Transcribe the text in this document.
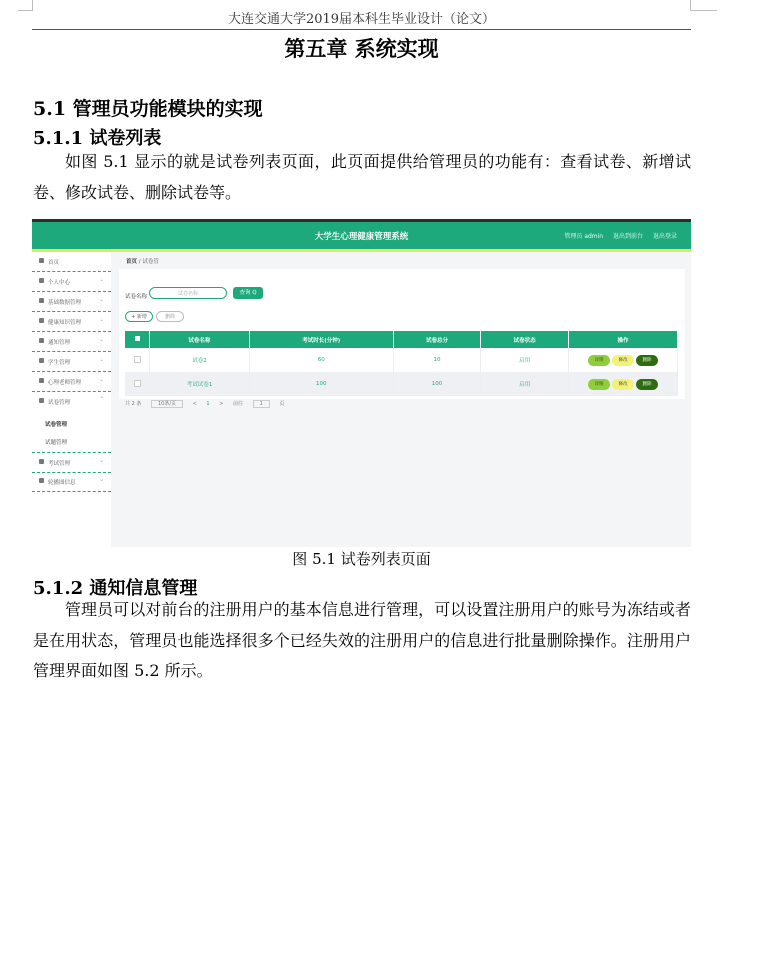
大连交通大学2019届本科生毕业设计（论文）
第五章 系统实现
5.1 管理员功能模块的实现
5.1.1 试卷列表
如图 5.1 显示的就是试卷列表页面，此页面提供给管理员的功能有：查看试卷、新增试卷、修改试卷、删除试卷等。
大学生心理健康管理系统	管理员 admin 退出到前台 退出登录
首页
个人中心	⌄
基础数据管理	⌄
健康知识管理	⌄
通知管理	⌄
学生管理	⌄
心理老师管理	⌄
试卷管理	⌃
试卷管理
试题管理
考试管理	⌄
轮播图信息	⌄
首页 / 试卷管
试卷名称	试卷名称	查询 Q
+ 新增	删除
	试卷名称	考试时长(分钟)	试卷总分	试卷状态	操作
	试卷2	60	10	启用	详情 修改 删除
	考试试卷1	100	100	启用	详情 修改 删除
共 2 条	10条/页	< 1 > 前往	1	页
图 5.1 试卷列表页面
5.1.2 通知信息管理
管理员可以对前台的注册用户的基本信息进行管理，可以设置注册用户的账号为冻结或者是在用状态，管理员也能选择很多个已经失效的注册用户的信息进行批量删除操作。注册用户管理界面如图 5.2 所示。
